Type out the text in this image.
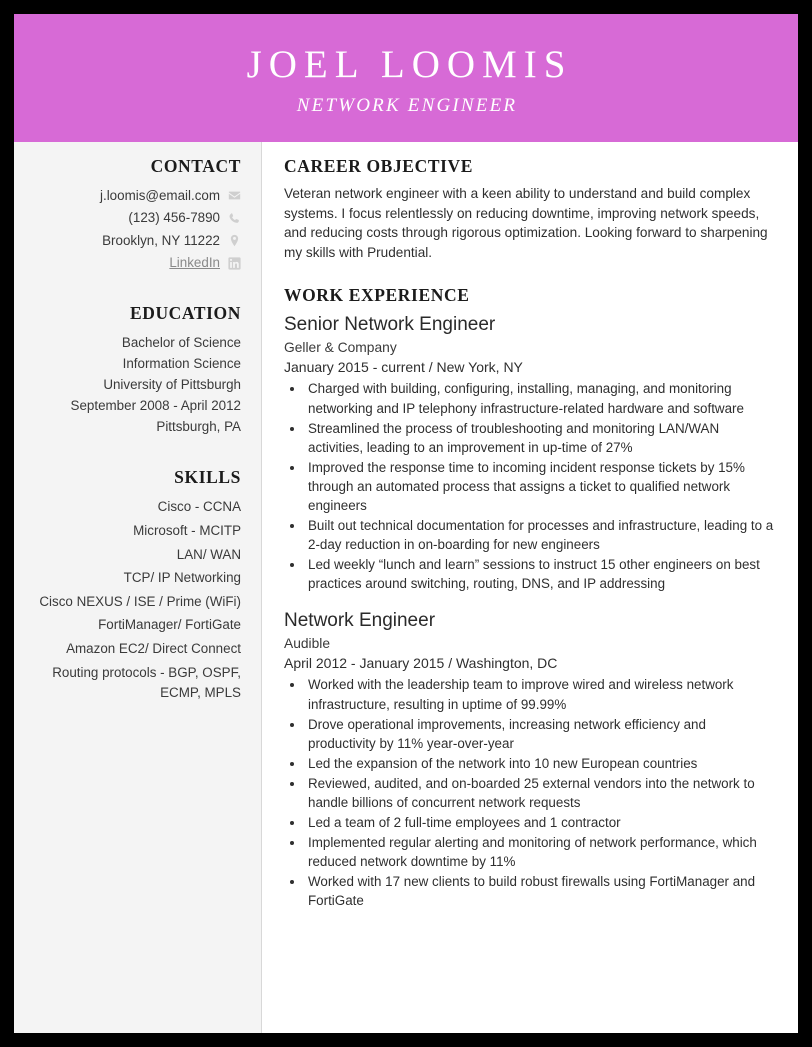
JOEL LOOMIS
NETWORK ENGINEER
CONTACT
j.loomis@email.com
(123) 456-7890
Brooklyn, NY 11222
LinkedIn
EDUCATION
Bachelor of Science
Information Science
University of Pittsburgh
September 2008 - April 2012
Pittsburgh, PA
SKILLS
Cisco - CCNA
Microsoft - MCITP
LAN/ WAN
TCP/ IP Networking
Cisco NEXUS / ISE / Prime (WiFi)
FortiManager/ FortiGate
Amazon EC2/ Direct Connect
Routing protocols - BGP, OSPF, ECMP, MPLS
CAREER OBJECTIVE

Veteran network engineer with a keen ability to understand and build complex systems. I focus relentlessly on reducing downtime, improving network speeds, and reducing costs through rigorous optimization. Looking forward to sharpening my skills with Prudential.

WORK EXPERIENCE
Senior Network Engineer
Geller & Company
January 2015 - current / New York, NY
• Charged with building, configuring, installing, managing, and monitoring networking and IP telephony infrastructure-related hardware and software
• Streamlined the process of troubleshooting and monitoring LAN/WAN activities, leading to an improvement in up-time of 27%
• Improved the response time to incoming incident response tickets by 15% through an automated process that assigns a ticket to qualified network engineers
• Built out technical documentation for processes and infrastructure, leading to a 2-day reduction in on-boarding for new engineers
• Led weekly “lunch and learn” sessions to instruct 15 other engineers on best practices around switching, routing, DNS, and IP addressing
Network Engineer
Audible
April 2012 - January 2015 / Washington, DC
• Worked with the leadership team to improve wired and wireless network infrastructure, resulting in uptime of 99.99%
• Drove operational improvements, increasing network efficiency and productivity by 11% year-over-year
• Led the expansion of the network into 10 new European countries
• Reviewed, audited, and on-boarded 25 external vendors into the network to handle billions of concurrent network requests
• Led a team of 2 full-time employees and 1 contractor
• Implemented regular alerting and monitoring of network performance, which reduced network downtime by 11%
• Worked with 17 new clients to build robust firewalls using FortiManager and FortiGate
